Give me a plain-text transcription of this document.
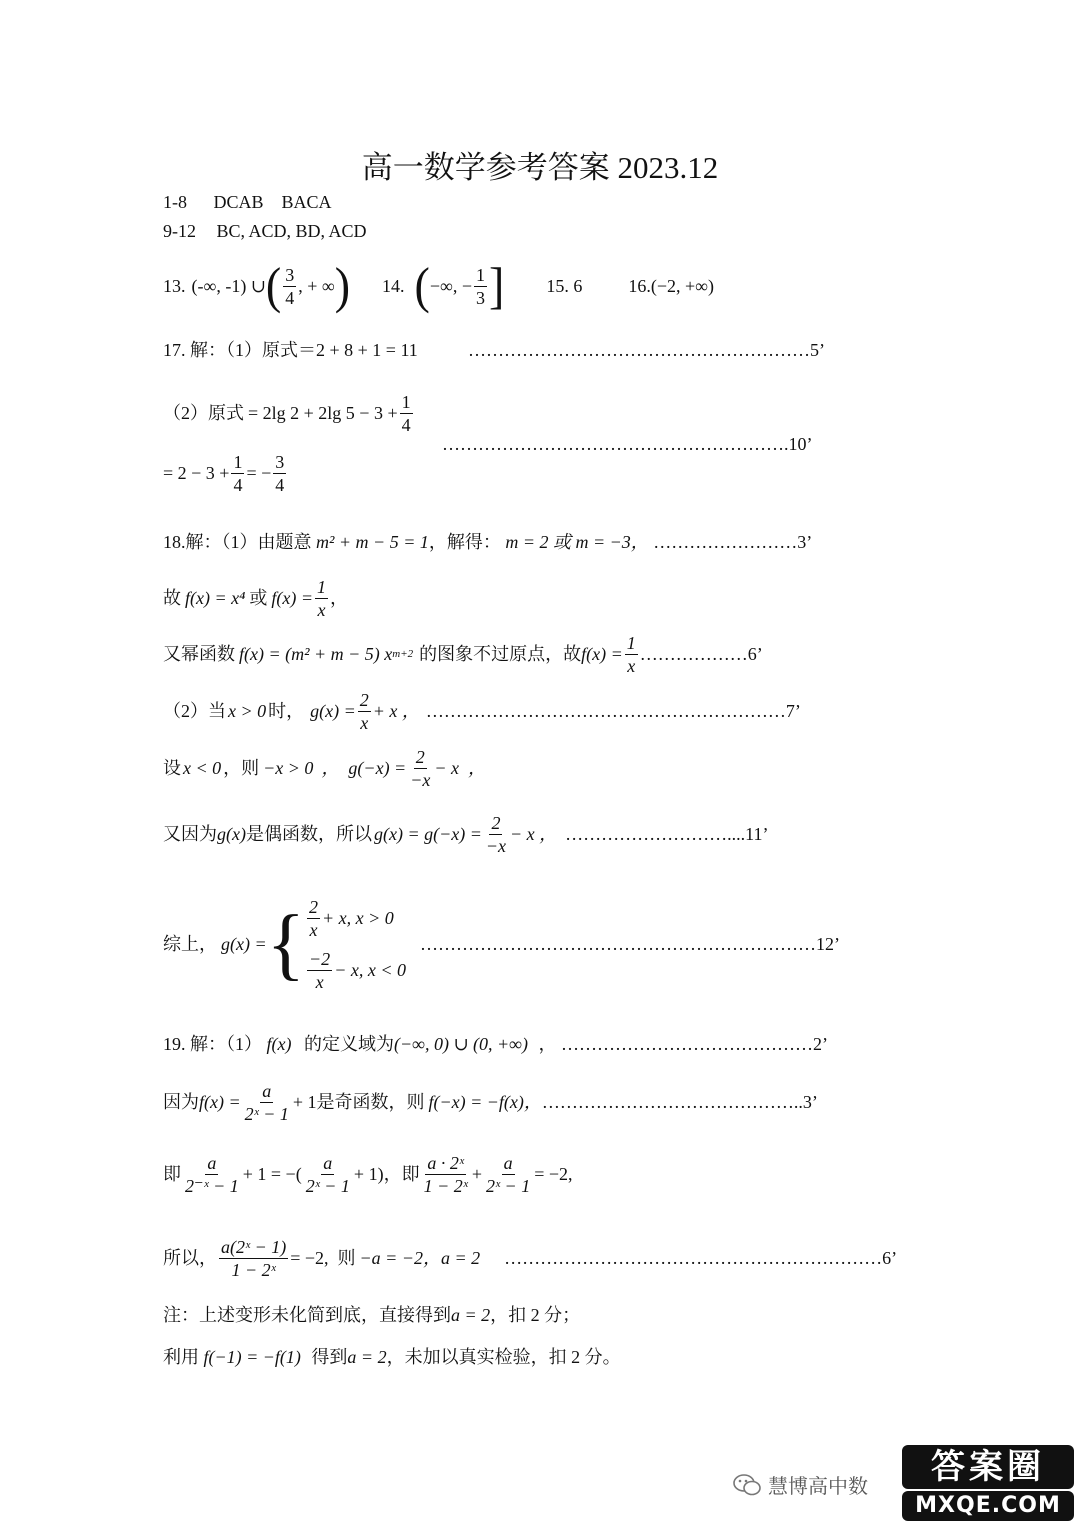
高一数学参考答案 2023.12
1-8 DCAB    BACA
9-12 BC, ACD, BD, ACD
13. (-∞, -1) ∪ ( $\frac{3}{4}$ , + ∞ ) 14. ( −∞, − $\frac{1}{3}$ ] 15. 6	16. (−2, +∞)
17. 解：（1）原式＝2 + 8 + 1 = 11	…………………………………………………5’
（2）原式 = 2lg 2 + 2lg $5 - 3 + \frac{1}{4}$
………………………………………………….10’
= $2 - 3 + \frac{1}{4}$ = − $\frac{3}{4}$
18.解：（1）由题意 m² + m − 5 = 1，解得： m = 2 或 m = −3， ……………………3’
故 f(x) = x⁴ 或 $f(x) = \frac{1}{x}$ ，
又幂函数 f(x) = (m² + m − 5) x m+2 的图象不过原点，故 $f(x) = \frac{1}{x}$ ………………6’
（2）当 x > 0 时， $g(x) = \frac{2}{x} + x$ ， ……………………………………………………7’
设 x < 0 ，则 −x > 0 ，  $g(-x) = \frac{2}{-x} - x$  ，
又因为 g(x) 是偶函数，所以 $g(x) = g(-x) = \frac{2}{-x} - x$ ， ………………………....11’
综上， g(x) = { $\frac{2}{x} + x$, x > 0
$\frac{-2}{x} - x$, x < 0
…………………………………………………………12’
19. 解：（1） f(x) 的定义域为(−∞, 0) ∪ (0, +∞) ， ……………………………………2’
因为 $f(x) = \frac{a}{\text{2ˣ − 1}} + 1$ 是奇函数，则 f(−x) = −f(x)， ……………………………………..3’
即 $\frac{a}{\text{2⁻ˣ − 1}} + 1$ = −( $\frac{a}{\text{2ˣ − 1}} + 1$)，即 $\frac{\text{a · 2ˣ}}{\text{1 − 2ˣ}} + \frac{a}{\text{2ˣ − 1}} = -2$,
所以， $\frac{\text{a(2ˣ − 1)}}{\text{1 − 2ˣ}} = -2$,  则 −a = −2，a = 2 ………………………………………………………6’
注：上述变形未化简到底，直接得到a = 2，扣 2 分；
利用 f(−1) = −f(1) 得到a = 2，未加以真实检验，扣 2 分。
慧博高中数	答案圈
MXQE.COM
